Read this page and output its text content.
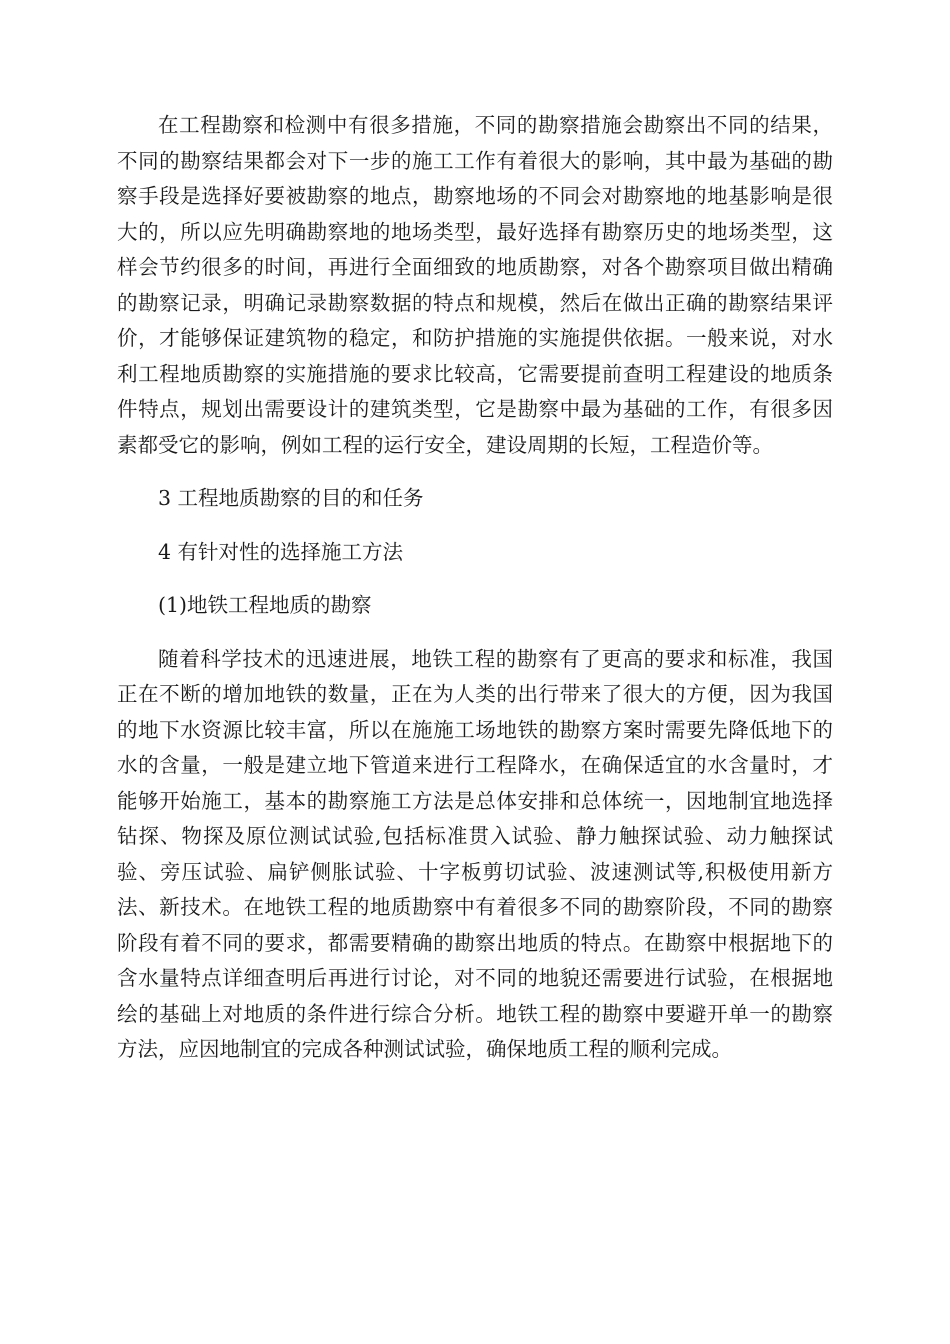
在工程勘察和检测中有很多措施，不同的勘察措施会勘察出不同的结果，不同的勘察结果都会对下一步的施工工作有着很大的影响，其中最为基础的勘察手段是选择好要被勘察的地点，勘察地场的不同会对勘察地的地基影响是很大的，所以应先明确勘察地的地场类型，最好选择有勘察历史的地场类型，这样会节约很多的时间，再进行全面细致的地质勘察，对各个勘察项目做出精确的勘察记录，明确记录勘察数据的特点和规模，然后在做出正确的勘察结果评价，才能够保证建筑物的稳定，和防护措施的实施提供依据。一般来说，对水利工程地质勘察的实施措施的要求比较高，它需要提前查明工程建设的地质条件特点，规划出需要设计的建筑类型，它是勘察中最为基础的工作，有很多因素都受它的影响，例如工程的运行安全，建设周期的长短，工程造价等。

3 工程地质勘察的目的和任务

4 有针对性的选择施工方法

(1)地铁工程地质的勘察

随着科学技术的迅速进展，地铁工程的勘察有了更高的要求和标准，我国正在不断的增加地铁的数量，正在为人类的出行带来了很大的方便，因为我国的地下水资源比较丰富，所以在施施工场地铁的勘察方案时需要先降低地下的水的含量，一般是建立地下管道来进行工程降水，在确保适宜的水含量时，才能够开始施工，基本的勘察施工方法是总体安排和总体统一，因地制宜地选择钻探、物探及原位测试试验,包括标准贯入试验、静力触探试验、动力触探试验、旁压试验、扁铲侧胀试验、十字板剪切试验、波速测试等,积极使用新方法、新技术。在地铁工程的地质勘察中有着很多不同的勘察阶段，不同的勘察阶段有着不同的要求，都需要精确的勘察出地质的特点。在勘察中根据地下的含水量特点详细查明后再进行讨论，对不同的地貌还需要进行试验，在根据地绘的基础上对地质的条件进行综合分析。地铁工程的勘察中要避开单一的勘察方法，应因地制宜的完成各种测试试验，确保地质工程的顺利完成。
